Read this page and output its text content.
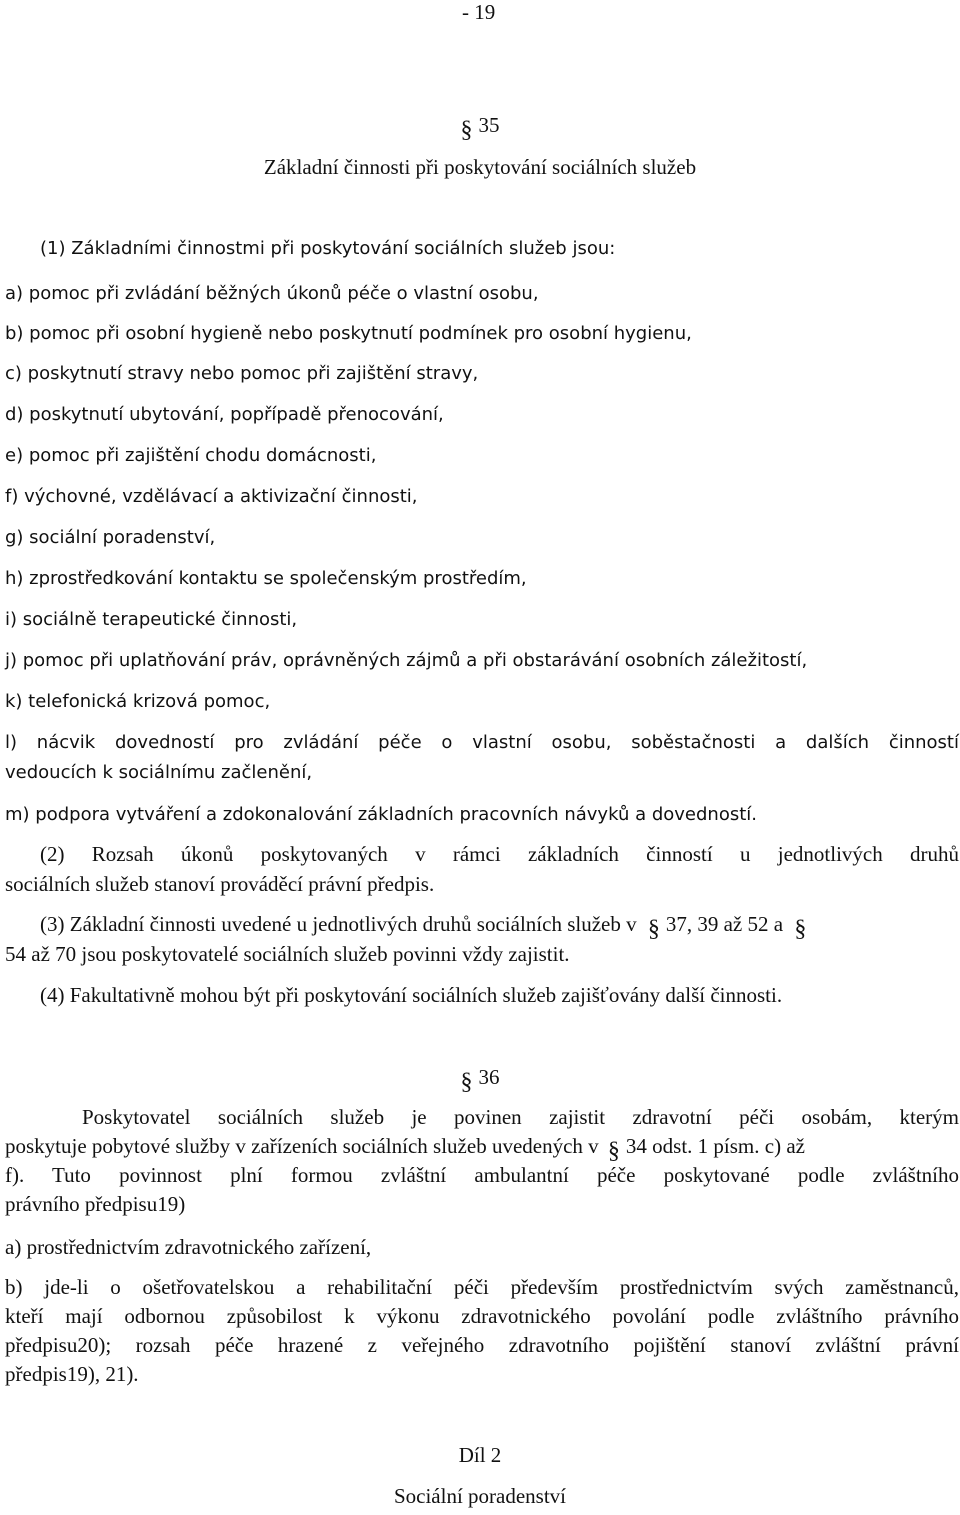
- 19
§ 35
Základní činnosti při poskytování sociálních služeb
(1) Základními činnostmi při poskytování sociálních služeb jsou:
a) pomoc při zvládání běžných úkonů péče o vlastní osobu,
b) pomoc při osobní hygieně nebo poskytnutí podmínek pro osobní hygienu,
c) poskytnutí stravy nebo pomoc při zajištění stravy,
d) poskytnutí ubytování, popřípadě přenocování,
e) pomoc při zajištění chodu domácnosti,
f) výchovné, vzdělávací a aktivizační činnosti,
g) sociální poradenství,
h) zprostředkování kontaktu se společenským prostředím,
i) sociálně terapeutické činnosti,
j) pomoc při uplatňování práv, oprávněných zájmů a při obstarávání osobních záležitostí,
k) telefonická krizová pomoc,
l) nácvik dovedností pro zvládání péče o vlastní osobu, soběstačnosti a dalších činností
vedoucích k sociálnímu začlenění,
m) podpora vytváření a zdokonalování základních pracovních návyků a dovedností.
(2) Rozsah úkonů poskytovaných v rámci základních činností u jednotlivých druhů
sociálních služeb stanoví prováděcí právní předpis.
(3) Základní činnosti uvedené u jednotlivých druhů sociálních služeb v § 37, 39 až 52 a §
54 až 70 jsou poskytovatelé sociálních služeb povinni vždy zajistit.
(4) Fakultativně mohou být při poskytování sociálních služeb zajišťovány další činnosti.
§ 36
Poskytovatel sociálních služeb je povinen zajistit zdravotní péči osobám, kterým
poskytuje pobytové služby v zařízeních sociálních služeb uvedených v § 34 odst. 1 písm. c) až
f). Tuto povinnost plní formou zvláštní ambulantní péče poskytované podle zvláštního
právního předpisu19)
a) prostřednictvím zdravotnického zařízení,
b) jde-li o ošetřovatelskou a rehabilitační péči především prostřednictvím svých zaměstnanců,
kteří mají odbornou způsobilost k výkonu zdravotnického povolání podle zvláštního právního
předpisu20); rozsah péče hrazené z veřejného zdravotního pojištění stanoví zvláštní právní
předpis19), 21).
Díl 2
Sociální poradenství
